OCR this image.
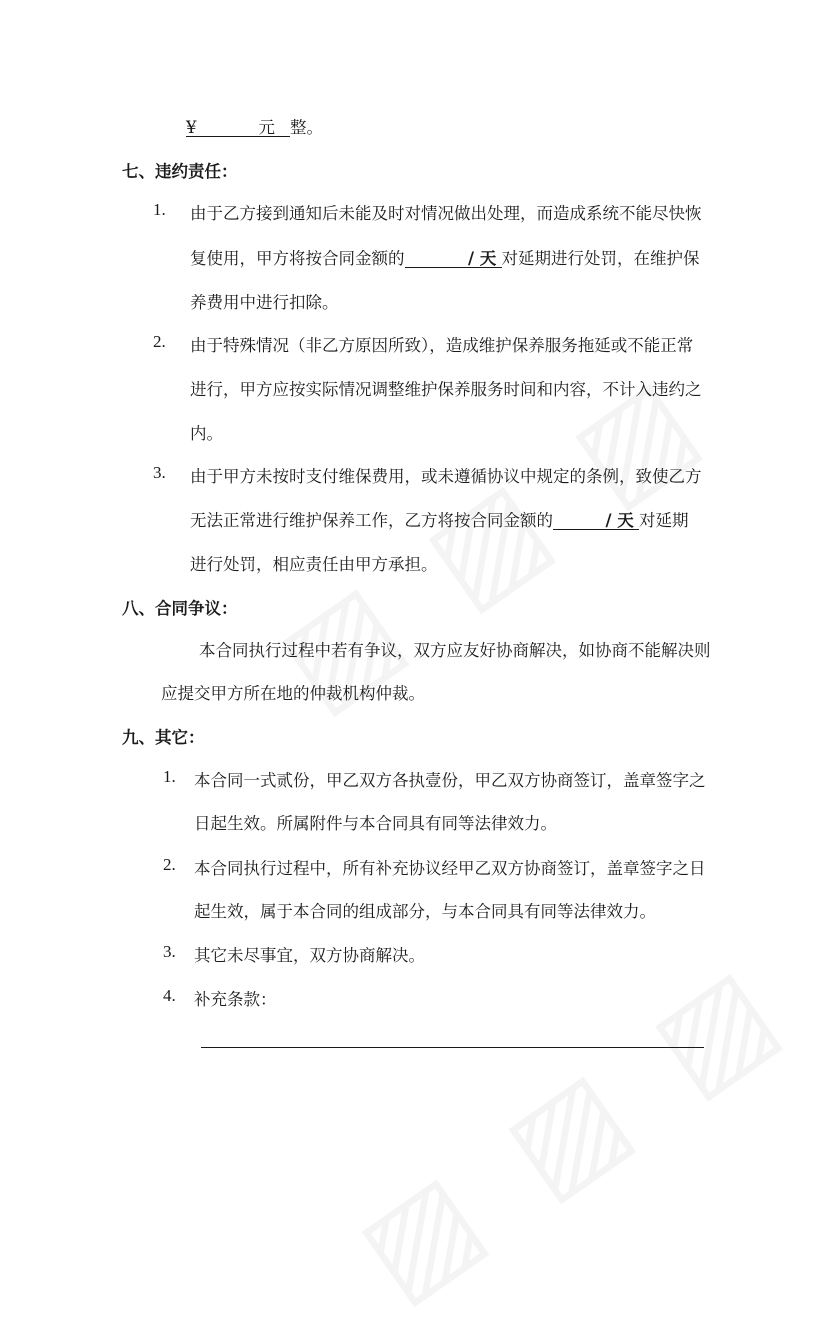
¥	元 整。
七、违约责任：
1. 由于乙方接到通知后未能及时对情况做出处理，而造成系统不能尽快恢
复使用，甲方将按合同金额的	/ 天 对延期进行处罚，在维护保
养费用中进行扣除。
2. 由于特殊情况（非乙方原因所致），造成维护保养服务拖延或不能正常
进行，甲方应按实际情况调整维护保养服务时间和内容，不计入违约之
内。
3. 由于甲方未按时支付维保费用，或未遵循协议中规定的条例，致使乙方
无法正常进行维护保养工作，乙方将按合同金额的	/ 天 对延期
进行处罚，相应责任由甲方承担。
八、合同争议：
本合同执行过程中若有争议，双方应友好协商解决，如协商不能解决则
应提交甲方所在地的仲裁机构仲裁。
九、其它：
1. 本合同一式贰份，甲乙双方各执壹份，甲乙双方协商签订，盖章签字之
日起生效。所属附件与本合同具有同等法律效力。
2. 本合同执行过程中，所有补充协议经甲乙双方协商签订，盖章签字之日
起生效，属于本合同的组成部分，与本合同具有同等法律效力。
3. 其它未尽事宜，双方协商解决。
4. 补充条款：
